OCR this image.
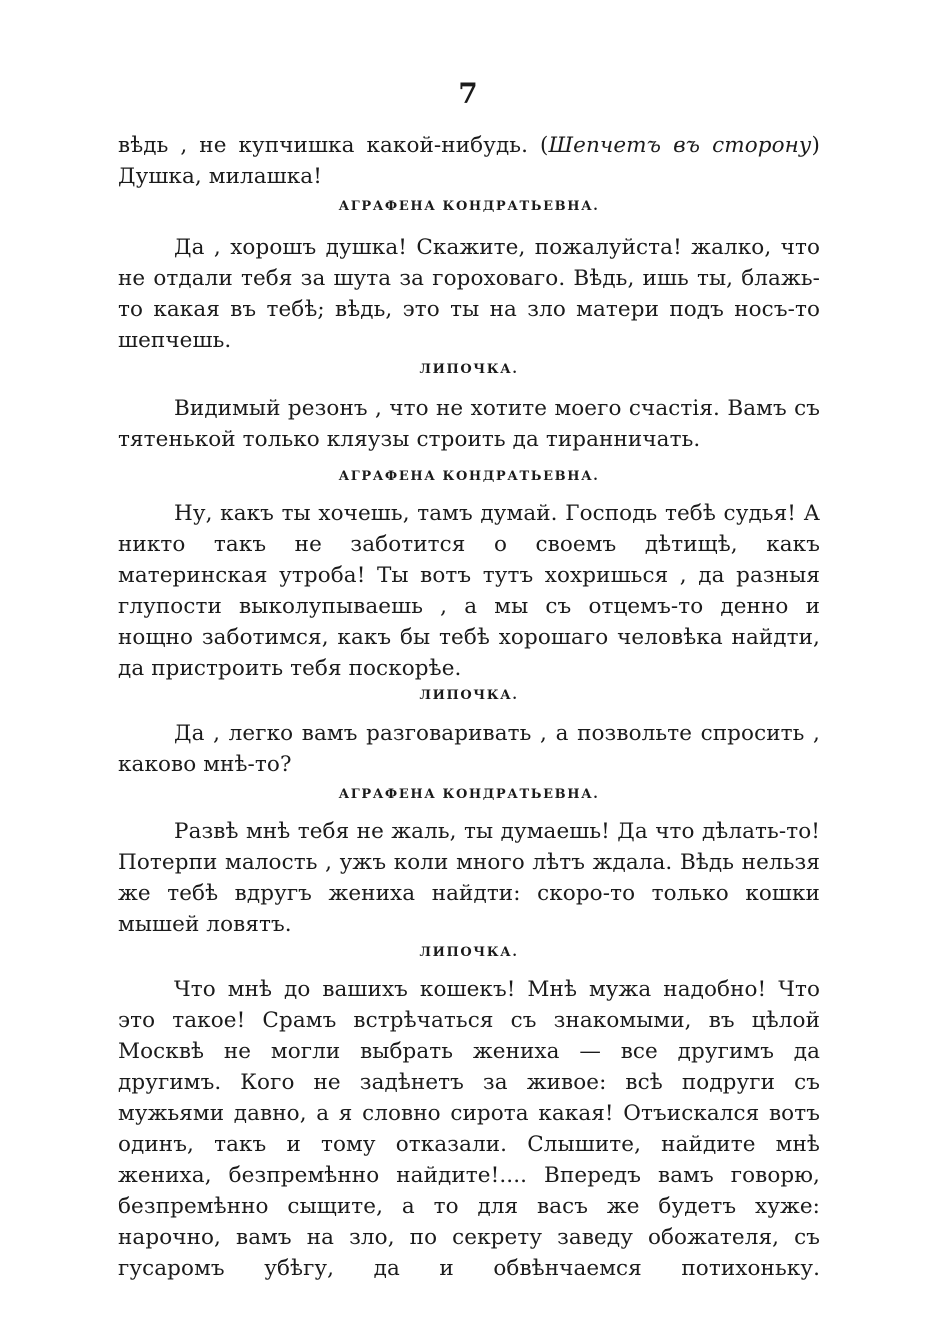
7
вѣдь , не купчишка какой-нибудь. (Шепчетъ въ сторону) Душка, милашка!
АГРАФЕНА КОНДРАТЬЕВНА.
Да , хорошъ душка! Скажите, пожалуйста! жалко, что не отдали тебя за шута за гороховаго. Вѣдь, ишь ты, блажь-то какая въ тебѣ; вѣдь, это ты на зло матери подъ носъ-то шепчешь.
ЛИПОЧКА.
Видимый резонъ , что не хотите моего счастія. Вамъ съ тятенькой только кляузы строить да тиранничать.
АГРАФЕНА КОНДРАТЬЕВНА.
Ну, какъ ты хочешь, тамъ думай. Господь тебѣ судья! А никто такъ не заботится о своемъ дѣтищѣ, какъ материнская утроба! Ты вотъ тутъ хохришься , да разныя глупости выколупываешь , а мы съ отцемъ-то денно и нощно заботимся, какъ бы тебѣ хорошаго человѣка найдти, да пристроить тебя поскорѣе.
ЛИПОЧКА.
Да , легко вамъ разговаривать , а позвольте спросить , каково мнѣ-то?
АГРАФЕНА КОНДРАТЬЕВНА.
Развѣ мнѣ тебя не жаль, ты думаешь! Да что дѣлать-то! Потерпи малость , ужъ коли много лѣтъ ждала. Вѣдь нельзя же тебѣ вдругъ жениха найдти: скоро-то только кошки мышей ловятъ.
ЛИПОЧКА.
Что мнѣ до вашихъ кошекъ! Мнѣ мужа надобно! Что это такое! Срамъ встрѣчаться съ знакомыми, въ цѣлой Москвѣ не могли выбрать жениха — все другимъ да другимъ. Кого не задѣнетъ за живое: всѣ подруги съ мужьями давно, а я словно сирота какая! Отъискался вотъ одинъ, такъ и тому отказали. Слышите, найдите мнѣ жениха, безпремѣнно найдите!.... Впередъ вамъ говорю, безпремѣнно сыщите, а то для васъ же будетъ хуже: нарочно, вамъ на зло, по секрету заведу обожателя, съ гусаромъ убѣгу, да и обвѣнчаемся потихоньку.
